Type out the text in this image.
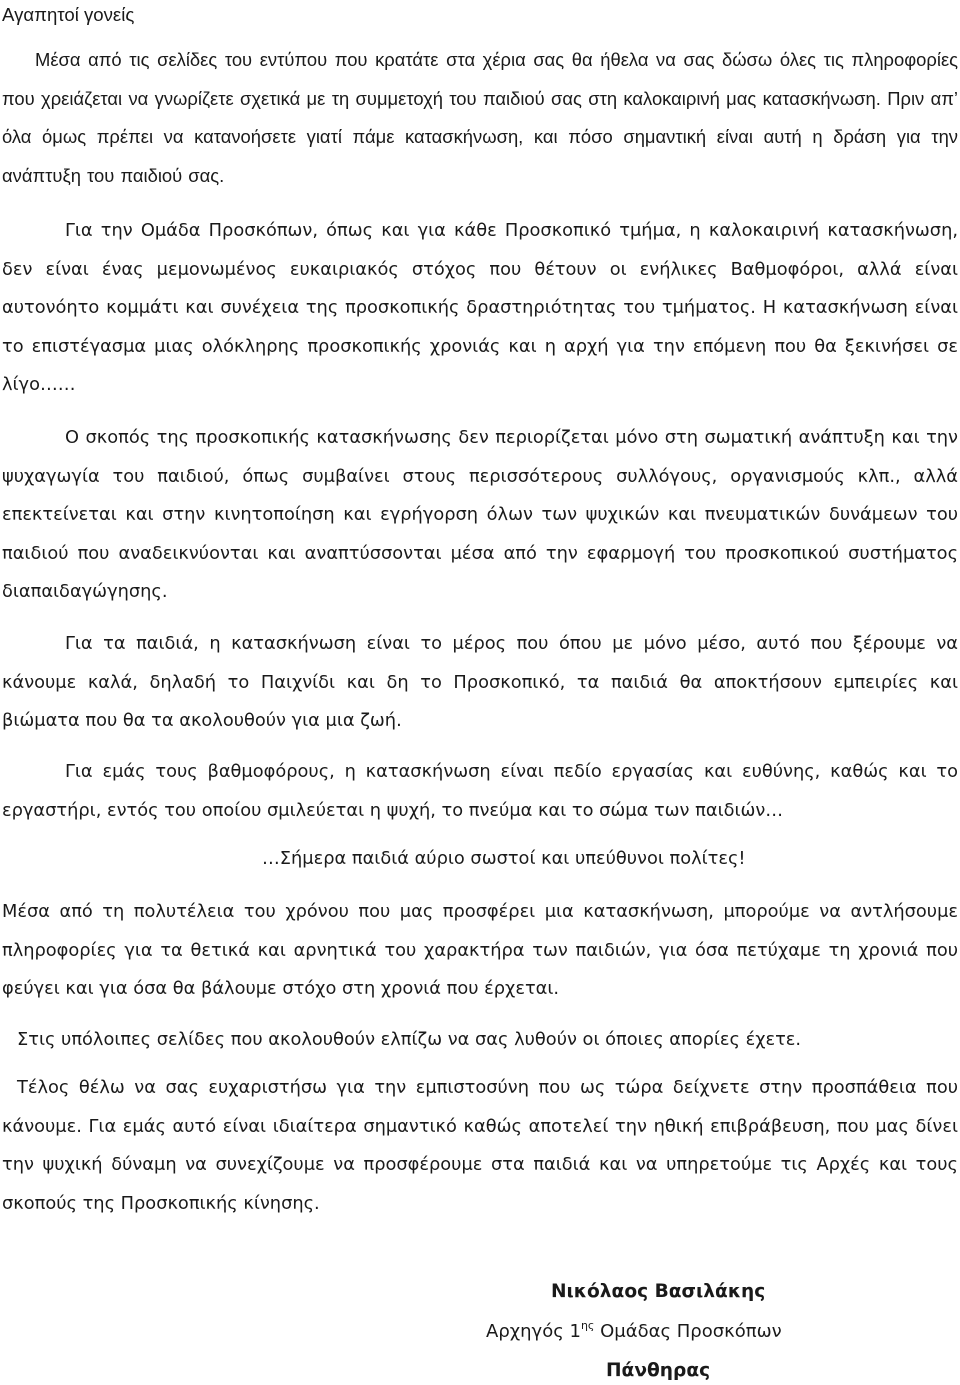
Αγαπητοί γονείς

Μέσα από τις σελίδες του εντύπου που κρατάτε στα χέρια σας θα ήθελα να σας δώσω όλες τις πληροφορίες που χρειάζεται να γνωρίζετε σχετικά με τη συμμετοχή του παιδιού σας στη καλοκαιρινή μας κατασκήνωση. Πριν απ’ όλα όμως πρέπει να κατανοήσετε γιατί πάμε κατασκήνωση, και πόσο σημαντική είναι αυτή η δράση για την ανάπτυξη του παιδιού σας.

Για την Ομάδα Προσκόπων, όπως και για κάθε Προσκοπικό τμήμα, η καλοκαιρινή κατασκήνωση, δεν είναι ένας μεμονωμένος ευκαιριακός στόχος που θέτουν οι ενήλικες Βαθμοφόροι, αλλά είναι αυτονόητο κομμάτι και συνέχεια της προσκοπικής δραστηριότητας του τμήματος. Η κατασκήνωση είναι το επιστέγασμα μιας ολόκληρης προσκοπικής χρονιάς και η αρχή για την επόμενη που θα ξεκινήσει σε λίγο……

Ο σκοπός της προσκοπικής κατασκήνωσης δεν περιορίζεται μόνο στη σωματική ανάπτυξη και την ψυχαγωγία του παιδιού, όπως συμβαίνει στους περισσότερους συλλόγους, οργανισμούς κλπ., αλλά επεκτείνεται και στην κινητοποίηση και εγρήγορση όλων των ψυχικών και πνευματικών δυνάμεων του παιδιού που αναδεικνύονται και αναπτύσσονται μέσα από την εφαρμογή του προσκοπικού συστήματος διαπαιδαγώγησης.

Για τα παιδιά, η κατασκήνωση είναι το μέρος που όπου με μόνο μέσο, αυτό που ξέρουμε να κάνουμε καλά, δηλαδή το Παιχνίδι και δη το Προσκοπικό, τα παιδιά θα αποκτήσουν εμπειρίες και βιώματα που θα τα ακολουθούν για μια ζωή.

Για εμάς τους βαθμοφόρους, η κατασκήνωση είναι πεδίο εργασίας και ευθύνης, καθώς και το εργαστήρι, εντός του οποίου σμιλεύεται η ψυχή, το πνεύμα και το σώμα των παιδιών…

…Σήμερα παιδιά αύριο σωστοί και υπεύθυνοι πολίτες!

Μέσα από τη πολυτέλεια του χρόνου που μας προσφέρει μια κατασκήνωση, μπορούμε να αντλήσουμε πληροφορίες για τα θετικά και αρνητικά του χαρακτήρα των παιδιών, για όσα πετύχαμε τη χρονιά που φεύγει και για όσα θα βάλουμε στόχο στη χρονιά που έρχεται.

Στις υπόλοιπες σελίδες που ακολουθούν ελπίζω να σας λυθούν οι όποιες απορίες έχετε.

Τέλος θέλω να σας ευχαριστήσω για την εμπιστοσύνη που ως τώρα δείχνετε στην προσπάθεια που κάνουμε. Για εμάς αυτό είναι ιδιαίτερα σημαντικό καθώς αποτελεί την ηθική επιβράβευση, που μας δίνει την ψυχική δύναμη να συνεχίζουμε να προσφέρουμε στα παιδιά και να υπηρετούμε τις Αρχές και τους σκοπούς της Προσκοπικής κίνησης.

Νικόλαος Βασιλάκης
Αρχηγός $1^{\eta\varsigma}$ Ομάδας Προσκόπων
Πάνθηρας
